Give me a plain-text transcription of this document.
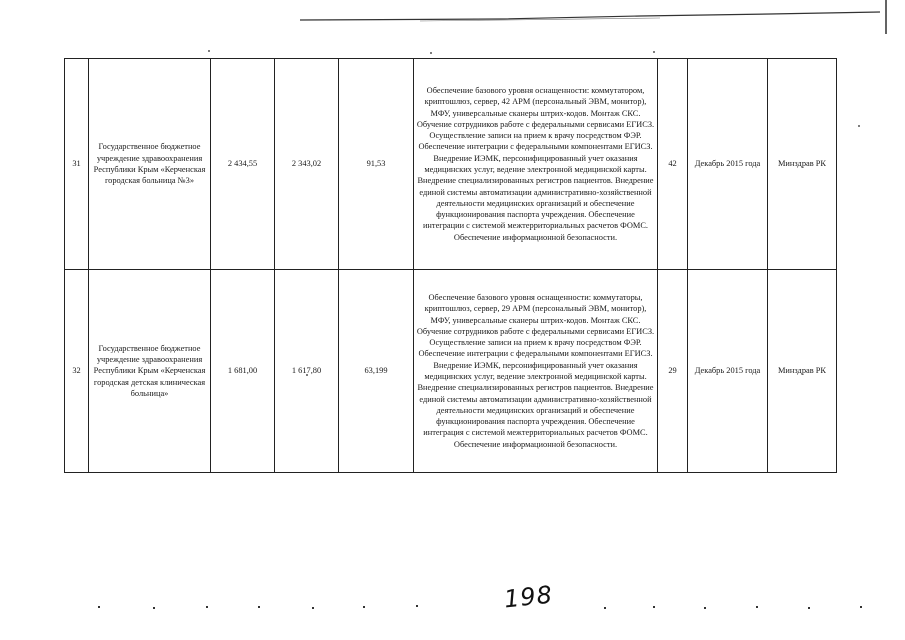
31	Государственное бюджетное учреждение здравоохранения Республики Крым «Керченская городская больница №3»	2 434,55	2 343,02	91,53	Обеспечение базового уровня оснащенности: коммутатором, криптошлюз, сервер, 42 АРМ (персональный ЭВМ, монитор), МФУ, универсальные сканеры штрих-кодов. Монтаж СКС. Обучение сотрудников работе с федеральными сервисами ЕГИСЗ. Осуществление записи на прием к врачу посредством ФЭР. Обеспечение интеграции с федеральными компонентами ЕГИСЗ. Внедрение ИЭМК, персонифицированный учет оказания медицинских услуг, ведение электронной медицинской карты. Внедрение специализированных регистров пациентов. Внедрение единой системы автоматизации административно-хозяйственной деятельности медицинских организаций и обеспечение функционирования паспорта учреждения. Обеспечение интеграции с системой межтерриториальных расчетов ФОМС. Обеспечение информационной безопасности.	42	Декабрь 2015 года	Минздрав РК
32	Государственное бюджетное учреждение здравоохранения Республики Крым «Керченская городская детская клиническая больница»	1 681,00	1 617,80	63,199	Обеспечение базового уровня оснащенности: коммутаторы, криптошлюз, сервер, 29 АРМ (персональный ЭВМ, монитор), МФУ, универсальные сканеры штрих-кодов. Монтаж СКС. Обучение сотрудников работе с федеральными сервисами ЕГИСЗ. Осуществление записи на прием к врачу посредством ФЭР. Обеспечение интеграции с федеральными компонентами ЕГИСЗ. Внедрение ИЭМК, персонифицированный учет оказания медицинских услуг, ведение электронной медицинской карты. Внедрение специализированных регистров пациентов. Внедрение единой системы автоматизации административно-хозяйственной деятельности медицинских организаций и обеспечение функционирования паспорта учреждения. Обеспечение интеграция с системой межтерриториальных расчетов ФОМС. Обеспечение информационной безопасности.	29	Декабрь 2015 года	Минздрав РК
198
